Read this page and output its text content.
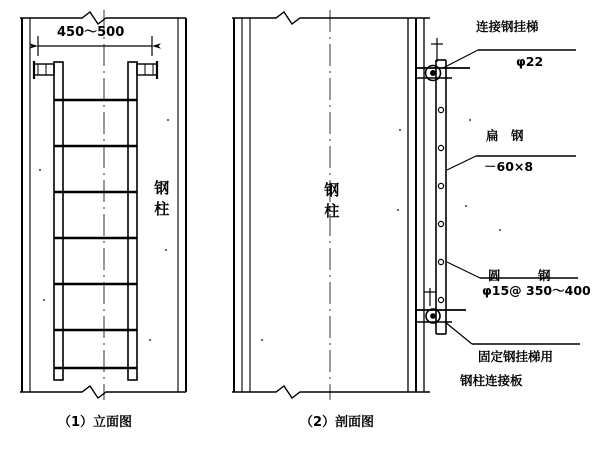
450～500
钢柱	钢柱
连接钢挂梯
φ22
扁　钢
－60×8
圆　　　钢
φ15@ 350～400
固定钢挂梯用
钢柱连接板
（1）立面图	（2）剖面图
